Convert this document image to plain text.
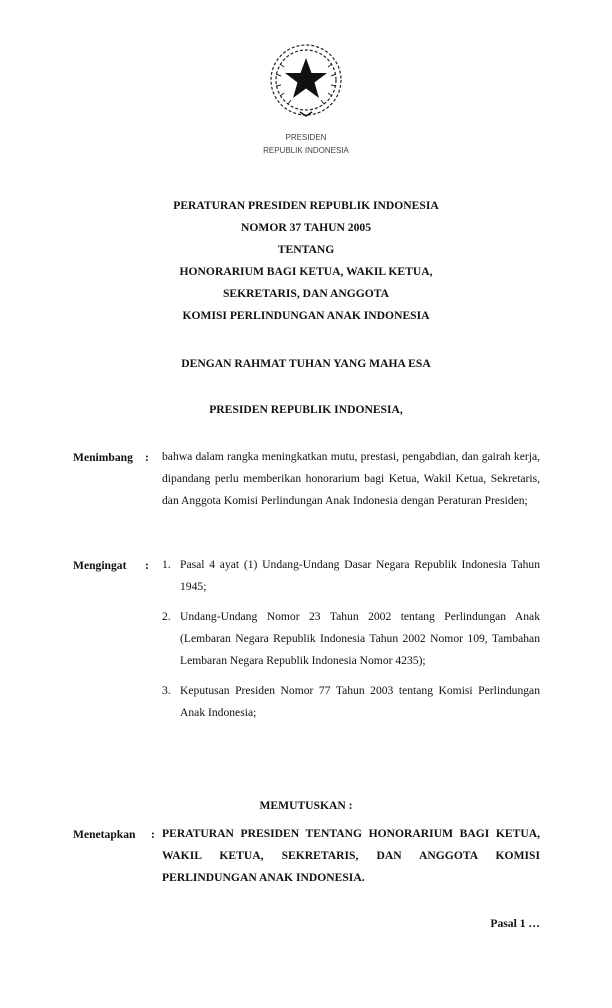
PRESIDEN
REPUBLIK INDONESIA
PERATURAN PRESIDEN REPUBLIK INDONESIA
NOMOR 37 TAHUN 2005
TENTANG
HONORARIUM BAGI KETUA, WAKIL KETUA,
SEKRETARIS, DAN ANGGOTA
KOMISI PERLINDUNGAN ANAK INDONESIA
DENGAN RAHMAT TUHAN YANG MAHA ESA
PRESIDEN REPUBLIK INDONESIA,
Menimbang : bahwa dalam rangka meningkatkan mutu, prestasi, pengabdian, dan gairah kerja, dipandang perlu memberikan honorarium bagi Ketua, Wakil Ketua, Sekretaris, dan Anggota Komisi Perlindungan Anak Indonesia dengan Peraturan Presiden;
Mengingat : 1. Pasal 4 ayat (1) Undang-Undang Dasar Negara Republik Indonesia Tahun 1945;
2. Undang-Undang Nomor 23 Tahun 2002 tentang Perlindungan Anak (Lembaran Negara Republik Indonesia Tahun 2002 Nomor 109, Tambahan Lembaran Negara Republik Indonesia Nomor 4235);
3. Keputusan Presiden Nomor 77 Tahun 2003 tentang Komisi Perlindungan Anak Indonesia;
MEMUTUSKAN :
Menetapkan : PERATURAN PRESIDEN TENTANG HONORARIUM BAGI KETUA, WAKIL KETUA, SEKRETARIS, DAN ANGGOTA KOMISI PERLINDUNGAN ANAK INDONESIA.
Pasal 1 …
